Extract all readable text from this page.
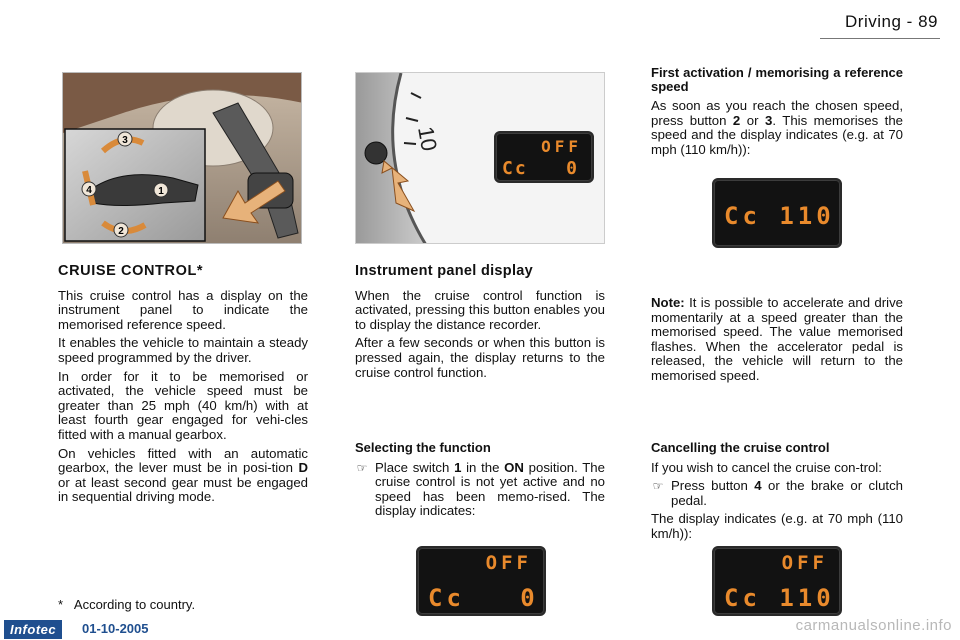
Driving - 89
3
4	1
2
10	OFF
Cc   0
CRUISE CONTROL*

This cruise control has a display on the instrument panel to indicate the memorised reference speed.

It enables the vehicle to maintain a steady speed programmed by the driver.

In order for it to be memorised or activated, the vehicle speed must be greater than 25 mph (40 km/h) with at least fourth gear engaged for vehi-cles fitted with a manual gearbox.

On vehicles fitted with an automatic gearbox, the lever must be in posi-tion D or at least second gear must be engaged in sequential driving mode.

* According to country.
Instrument panel display

When the cruise control function is activated, pressing this button enables you to display the distance recorder.

After a few seconds or when this button is pressed again, the display returns to the cruise control function.

Selecting the function
☞ Place switch 1 in the ON position. The cruise control is not yet active and no speed has been memo-rised. The display indicates:
OFF
Cc   0
First activation / memorising a reference speed

As soon as you reach the chosen speed, press button 2 or 3. This memorises the speed and the display indicates (e.g. at 70 mph (110 km/h)):

Cc 110

Note: It is possible to accelerate and drive momentarily at a speed greater than the memorised speed. The value memorised flashes. When the accelerator pedal is released, the vehicle will return to the memorised speed.

Cancelling the cruise control

If you wish to cancel the cruise con-trol:

☞ Press button 4 or the brake or clutch pedal.

The display indicates (e.g. at 70 mph (110 km/h)):

OFF
Cc 110
Infotec	01-10-2005	carmanualsonline.info
